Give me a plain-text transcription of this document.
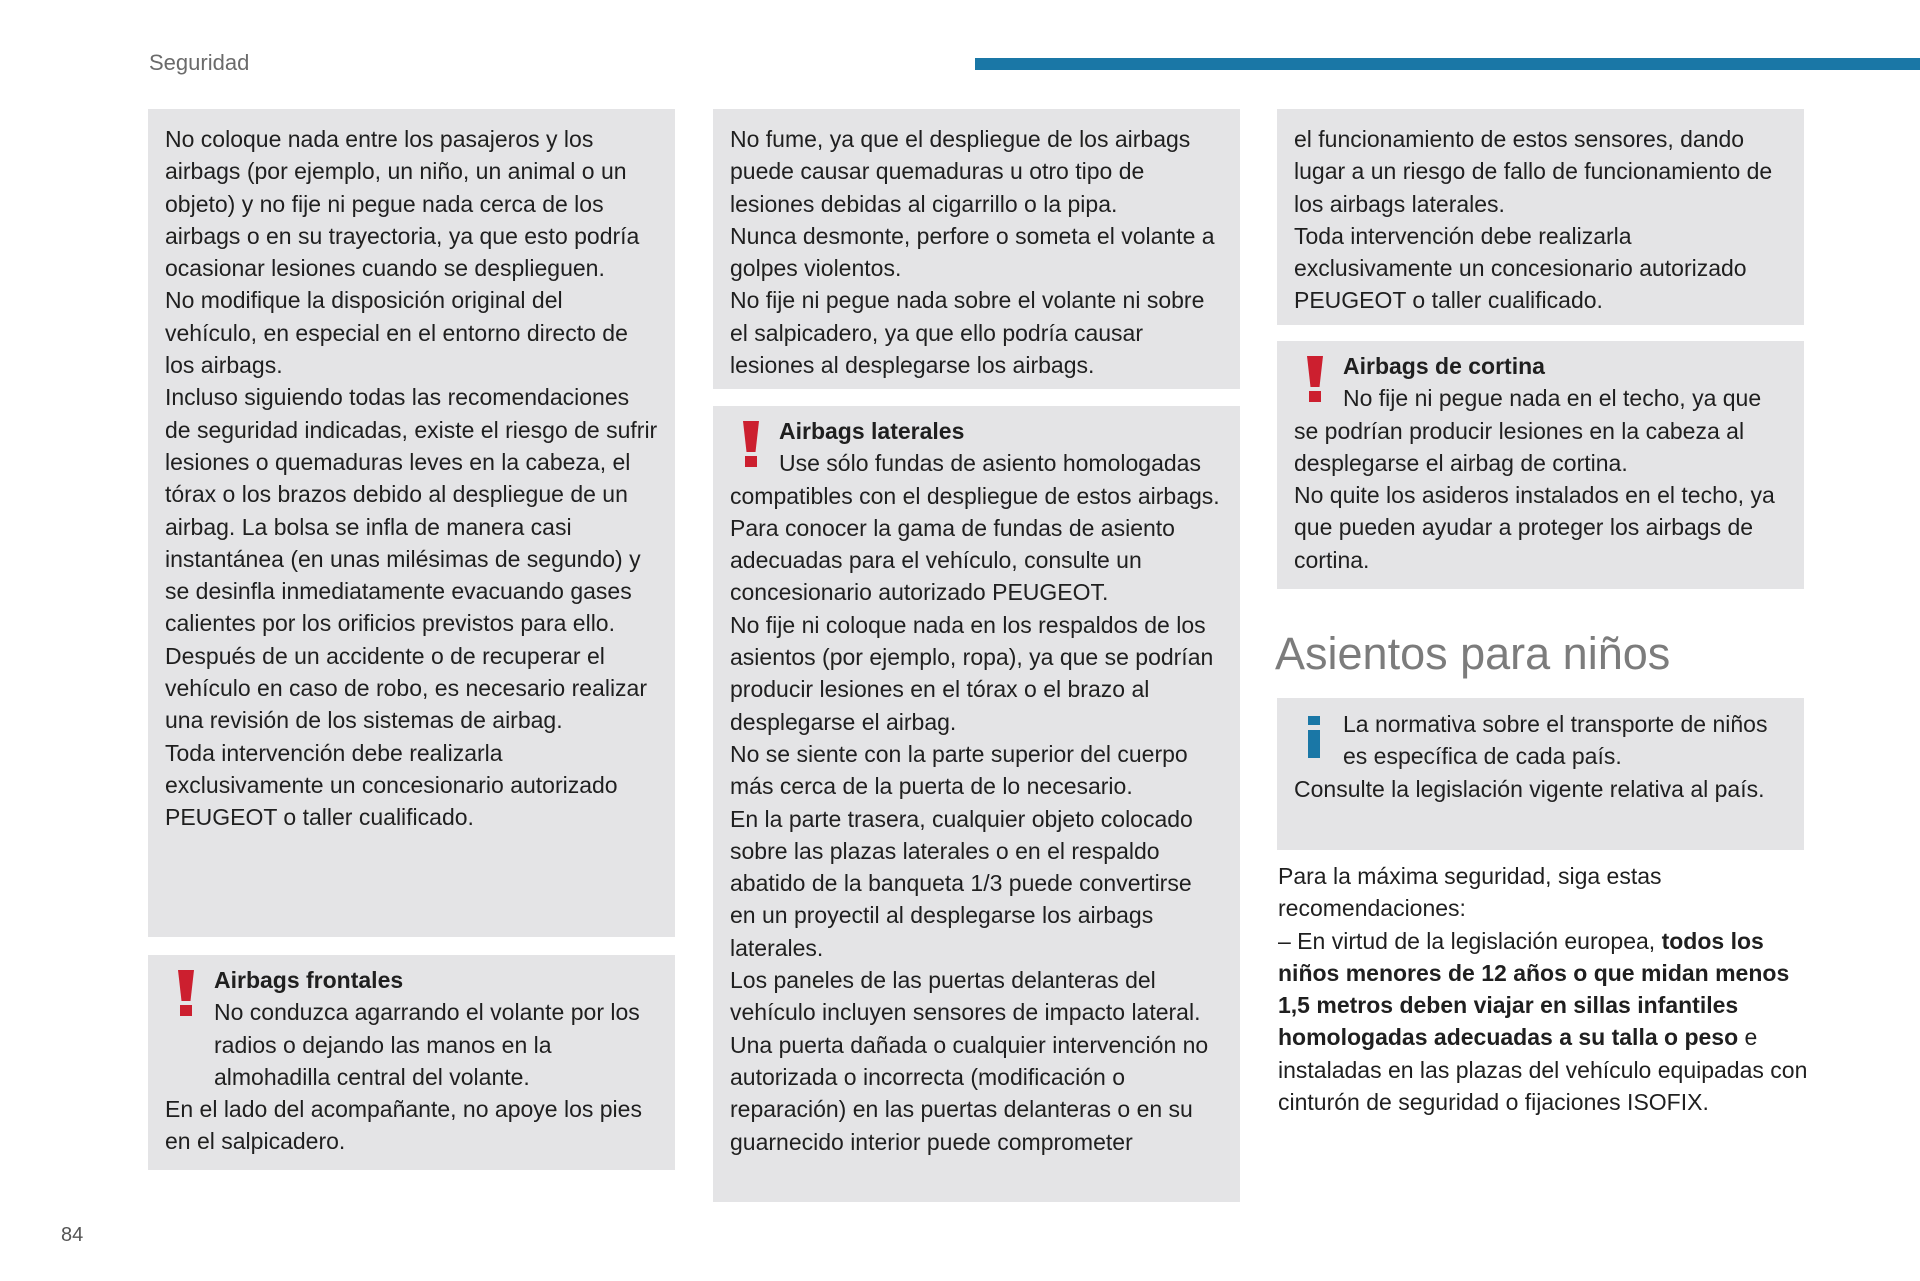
Seguridad

No coloque nada entre los pasajeros y los airbags (por ejemplo, un niño, un animal o un objeto) y no fije ni pegue nada cerca de los airbags o en su trayectoria, ya que esto podría ocasionar lesiones cuando se desplieguen.

No modifique la disposición original del vehículo, en especial en el entorno directo de los airbags.

Incluso siguiendo todas las recomendaciones de seguridad indicadas, existe el riesgo de sufrir lesiones o quemaduras leves en la cabeza, el tórax o los brazos debido al despliegue de un airbag. La bolsa se infla de manera casi instantánea (en unas milésimas de segundo) y se desinfla inmediatamente evacuando gases calientes por los orificios previstos para ello.

Después de un accidente o de recuperar el vehículo en caso de robo, es necesario realizar una revisión de los sistemas de airbag.

Toda intervención debe realizarla exclusivamente un concesionario autorizado PEUGEOT o taller cualificado.

Airbags frontales

No conduzca agarrando el volante por los radios o dejando las manos en la almohadilla central del volante.

En el lado del acompañante, no apoye los pies en el salpicadero.

No fume, ya que el despliegue de los airbags puede causar quemaduras u otro tipo de lesiones debidas al cigarrillo o la pipa.

Nunca desmonte, perfore o someta el volante a golpes violentos.

No fije ni pegue nada sobre el volante ni sobre el salpicadero, ya que ello podría causar lesiones al desplegarse los airbags.

Airbags laterales

Use sólo fundas de asiento homologadas compatibles con el despliegue de estos airbags. Para conocer la gama de fundas de asiento adecuadas para el vehículo, consulte un concesionario autorizado PEUGEOT.

No fije ni coloque nada en los respaldos de los asientos (por ejemplo, ropa), ya que se podrían producir lesiones en el tórax o el brazo al desplegarse el airbag.

No se siente con la parte superior del cuerpo más cerca de la puerta de lo necesario.

En la parte trasera, cualquier objeto colocado sobre las plazas laterales o en el respaldo abatido de la banqueta 1/3 puede convertirse en un proyectil al desplegarse los airbags laterales.

Los paneles de las puertas delanteras del vehículo incluyen sensores de impacto lateral.

Una puerta dañada o cualquier intervención no autorizada o incorrecta (modificación o reparación) en las puertas delanteras o en su guarnecido interior puede comprometer

el funcionamiento de estos sensores, dando lugar a un riesgo de fallo de funcionamiento de los airbags laterales.

Toda intervención debe realizarla exclusivamente un concesionario autorizado PEUGEOT o taller cualificado.

Airbags de cortina

No fije ni pegue nada en el techo, ya que se podrían producir lesiones en la cabeza al desplegarse el airbag de cortina.

No quite los asideros instalados en el techo, ya que pueden ayudar a proteger los airbags de cortina.

Asientos para niños

La normativa sobre el transporte de niños es específica de cada país.

Consulte la legislación vigente relativa al país.

Para la máxima seguridad, siga estas recomendaciones:

– En virtud de la legislación europea, todos los niños menores de 12 años o que midan menos 1,5 metros deben viajar en sillas infantiles homologadas adecuadas a su talla o peso e instaladas en las plazas del vehículo equipadas con cinturón de seguridad o fijaciones ISOFIX.

84
